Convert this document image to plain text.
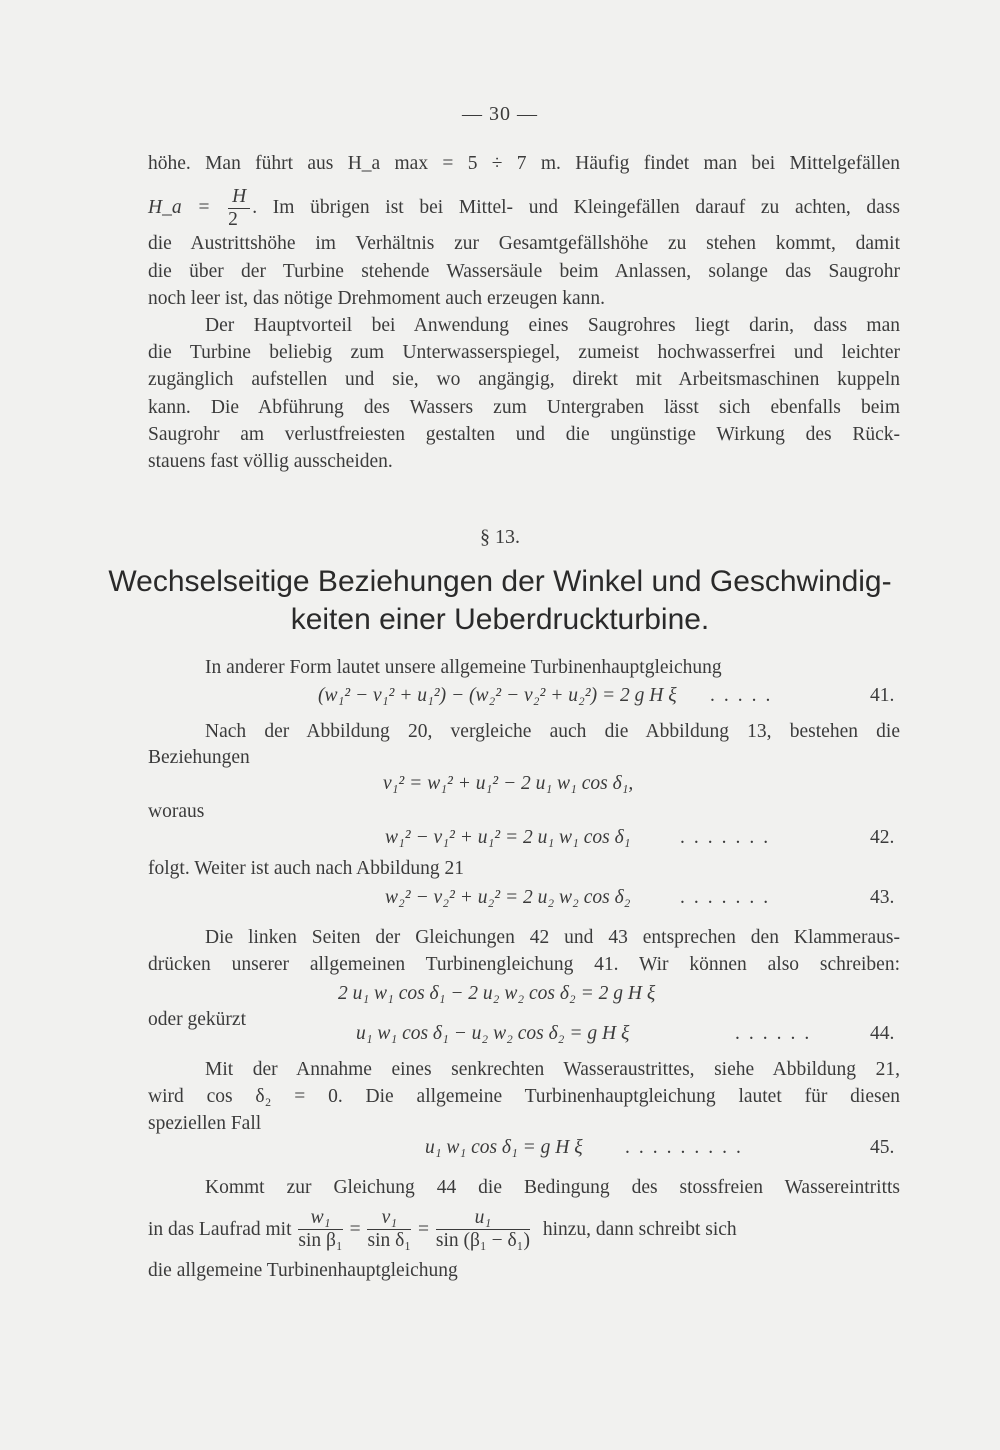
— 30 —
höhe. Man führt aus H_a max = 5 ÷ 7 m. Häufig findet man bei Mittelgefällen
H_a = $\frac{H}{2}$ . Im übrigen ist bei Mittel- und Kleingefällen darauf zu achten, dass
die Austrittshöhe im Verhältnis zur Gesamtgefällshöhe zu stehen kommt, damit
die über der Turbine stehende Wassersäule beim Anlassen, solange das Saugrohr
noch leer ist, das nötige Drehmoment auch erzeugen kann.
Der Hauptvorteil bei Anwendung eines Saugrohres liegt darin, dass man
die Turbine beliebig zum Unterwasserspiegel, zumeist hochwasserfrei und leichter
zugänglich aufstellen und sie, wo angängig, direkt mit Arbeitsmaschinen kuppeln
kann. Die Abführung des Wassers zum Untergraben lässt sich ebenfalls beim
Saugrohr am verlustfreiesten gestalten und die ungünstige Wirkung des Rück-
stauens fast völlig ausscheiden.
§ 13.
Wechselseitige Beziehungen der Winkel und Geschwindig-
keiten einer Ueberdruckturbine.
In anderer Form lautet unsere allgemeine Turbinenhauptgleichung
(w₁² − v₁² + u₁²) − (w₂² − v₂² + u₂²) = 2 g H ξ .....	41.
Nach der Abbildung 20, vergleiche auch die Abbildung 13, bestehen die
Beziehungen
v₁² = w₁² + u₁² − 2 u₁ w₁ cos δ₁,
woraus
w₁² − v₁² + u₁² = 2 u₁ w₁ cos δ₁	.......	42.
folgt. Weiter ist auch nach Abbildung 21
w₂² − v₂² + u₂² = 2 u₂ w₂ cos δ₂	.......	43.
Die linken Seiten der Gleichungen 42 und 43 entsprechen den Klammeraus-
drücken unserer allgemeinen Turbinengleichung 41. Wir können also schreiben:
2 u₁ w₁ cos δ₁ − 2 u₂ w₂ cos δ₂ = 2 g H ξ
oder gekürzt
u₁ w₁ cos δ₁ − u₂ w₂ cos δ₂ = g H ξ	......	44.
Mit der Annahme eines senkrechten Wasseraustrittes, siehe Abbildung 21,
wird cos δ₂ = 0. Die allgemeine Turbinenhauptgleichung lautet für diesen
speziellen Fall
u₁ w₁ cos δ₁ = g H ξ .........	45.
Kommt zur Gleichung 44 die Bedingung des stossfreien Wassereintritts
in das Laufrad mit $\frac{\text{w₁}}{\text{sin β₁}} = \frac{\text{v₁}}{\text{sin δ₁}} = \frac{\text{u₁}}{\text{sin (β₁ − δ₁)}}$ hinzu, dann schreibt sich
die allgemeine Turbinenhauptgleichung
